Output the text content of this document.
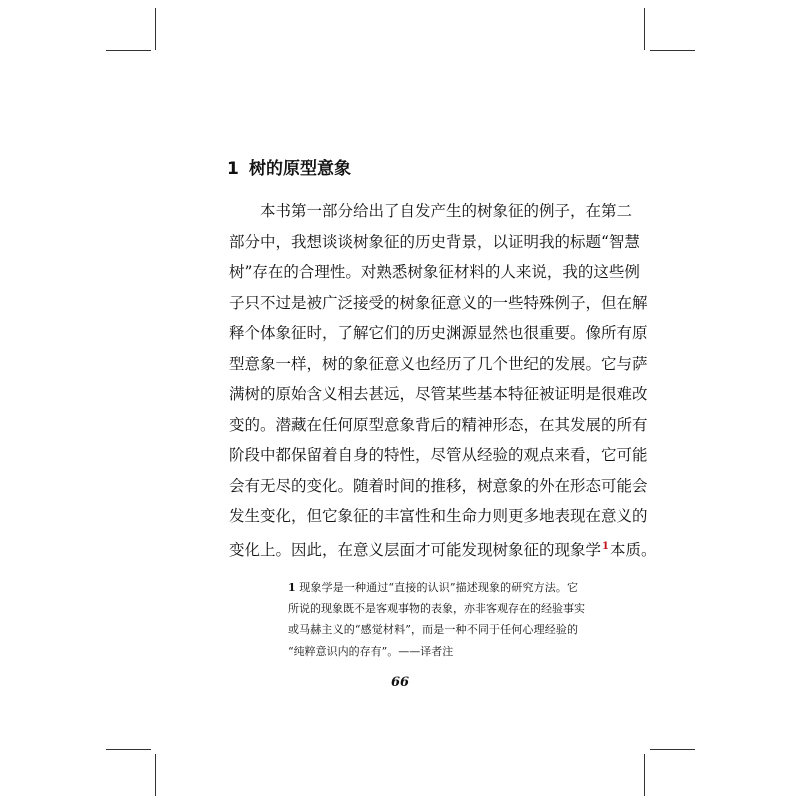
1 树的原型意象
本书第一部分给出了自发产生的树象征的例子，在第二
部分中，我想谈谈树象征的历史背景，以证明我的标题“智慧
树”存在的合理性。对熟悉树象征材料的人来说，我的这些例
子只不过是被广泛接受的树象征意义的一些特殊例子，但在解
释个体象征时，了解它们的历史渊源显然也很重要。像所有原
型意象一样，树的象征意义也经历了几个世纪的发展。它与萨
满树的原始含义相去甚远，尽管某些基本特征被证明是很难改
变的。潜藏在任何原型意象背后的精神形态，在其发展的所有
阶段中都保留着自身的特性，尽管从经验的观点来看，它可能
会有无尽的变化。随着时间的推移，树意象的外在形态可能会
发生变化，但它象征的丰富性和生命力则更多地表现在意义的
变化上。因此，在意义层面才可能发现树象征的现象学$^1$本质。
1 现象学是一种通过“直接的认识”描述现象的研究方法。它
所说的现象既不是客观事物的表象，亦非客观存在的经验事实
或马赫主义的“感觉材料”，而是一种不同于任何心理经验的
“纯粹意识内的存有”。——译者注
66
